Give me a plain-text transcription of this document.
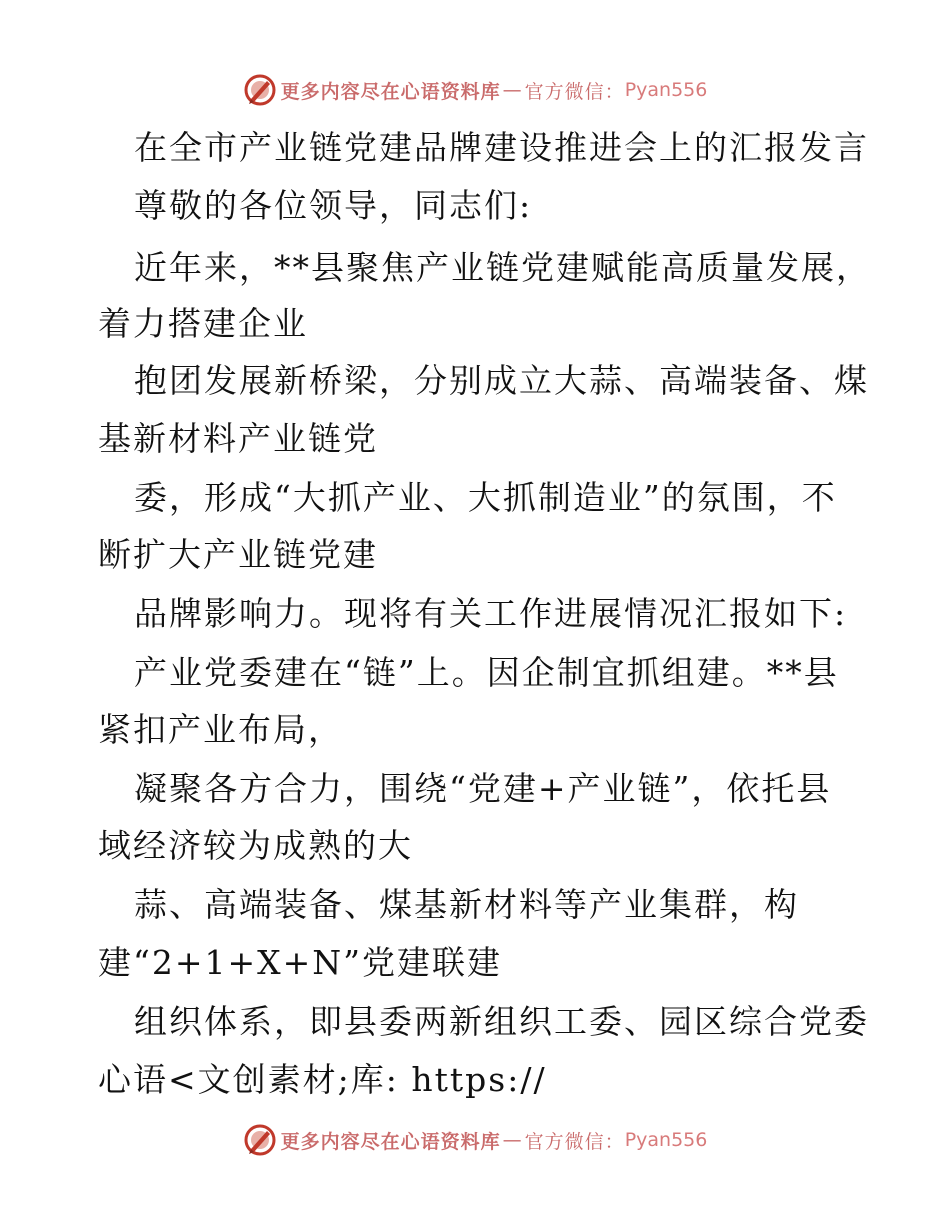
更多内容尽在心语资料库 — 官方微信： Pyan556
在全市产业链党建品牌建设推进会上的汇报发言
尊敬的各位领导，同志们:
近年来，**县聚焦产业链党建赋能高质量发展，
着力搭建企业
抱团发展新桥梁，分别成立大蒜、高端装备、煤
基新材料产业链党
委，形成“大抓产业、大抓制造业”的氛围，不
断扩大产业链党建
品牌影响力。现将有关工作进展情况汇报如下:
产业党委建在“链”上。因企制宜抓组建。**县
紧扣产业布局，
凝聚各方合力，围绕“党建+产业链”，依托县
域经济较为成熟的大
蒜、高端装备、煤基新材料等产业集群，构
建“2+1+X+N”党建联建
组织体系，即县委两新组织工委、园区综合党委
心语<文创素材;库: https://
更多内容尽在心语资料库 — 官方微信： Pyan556
